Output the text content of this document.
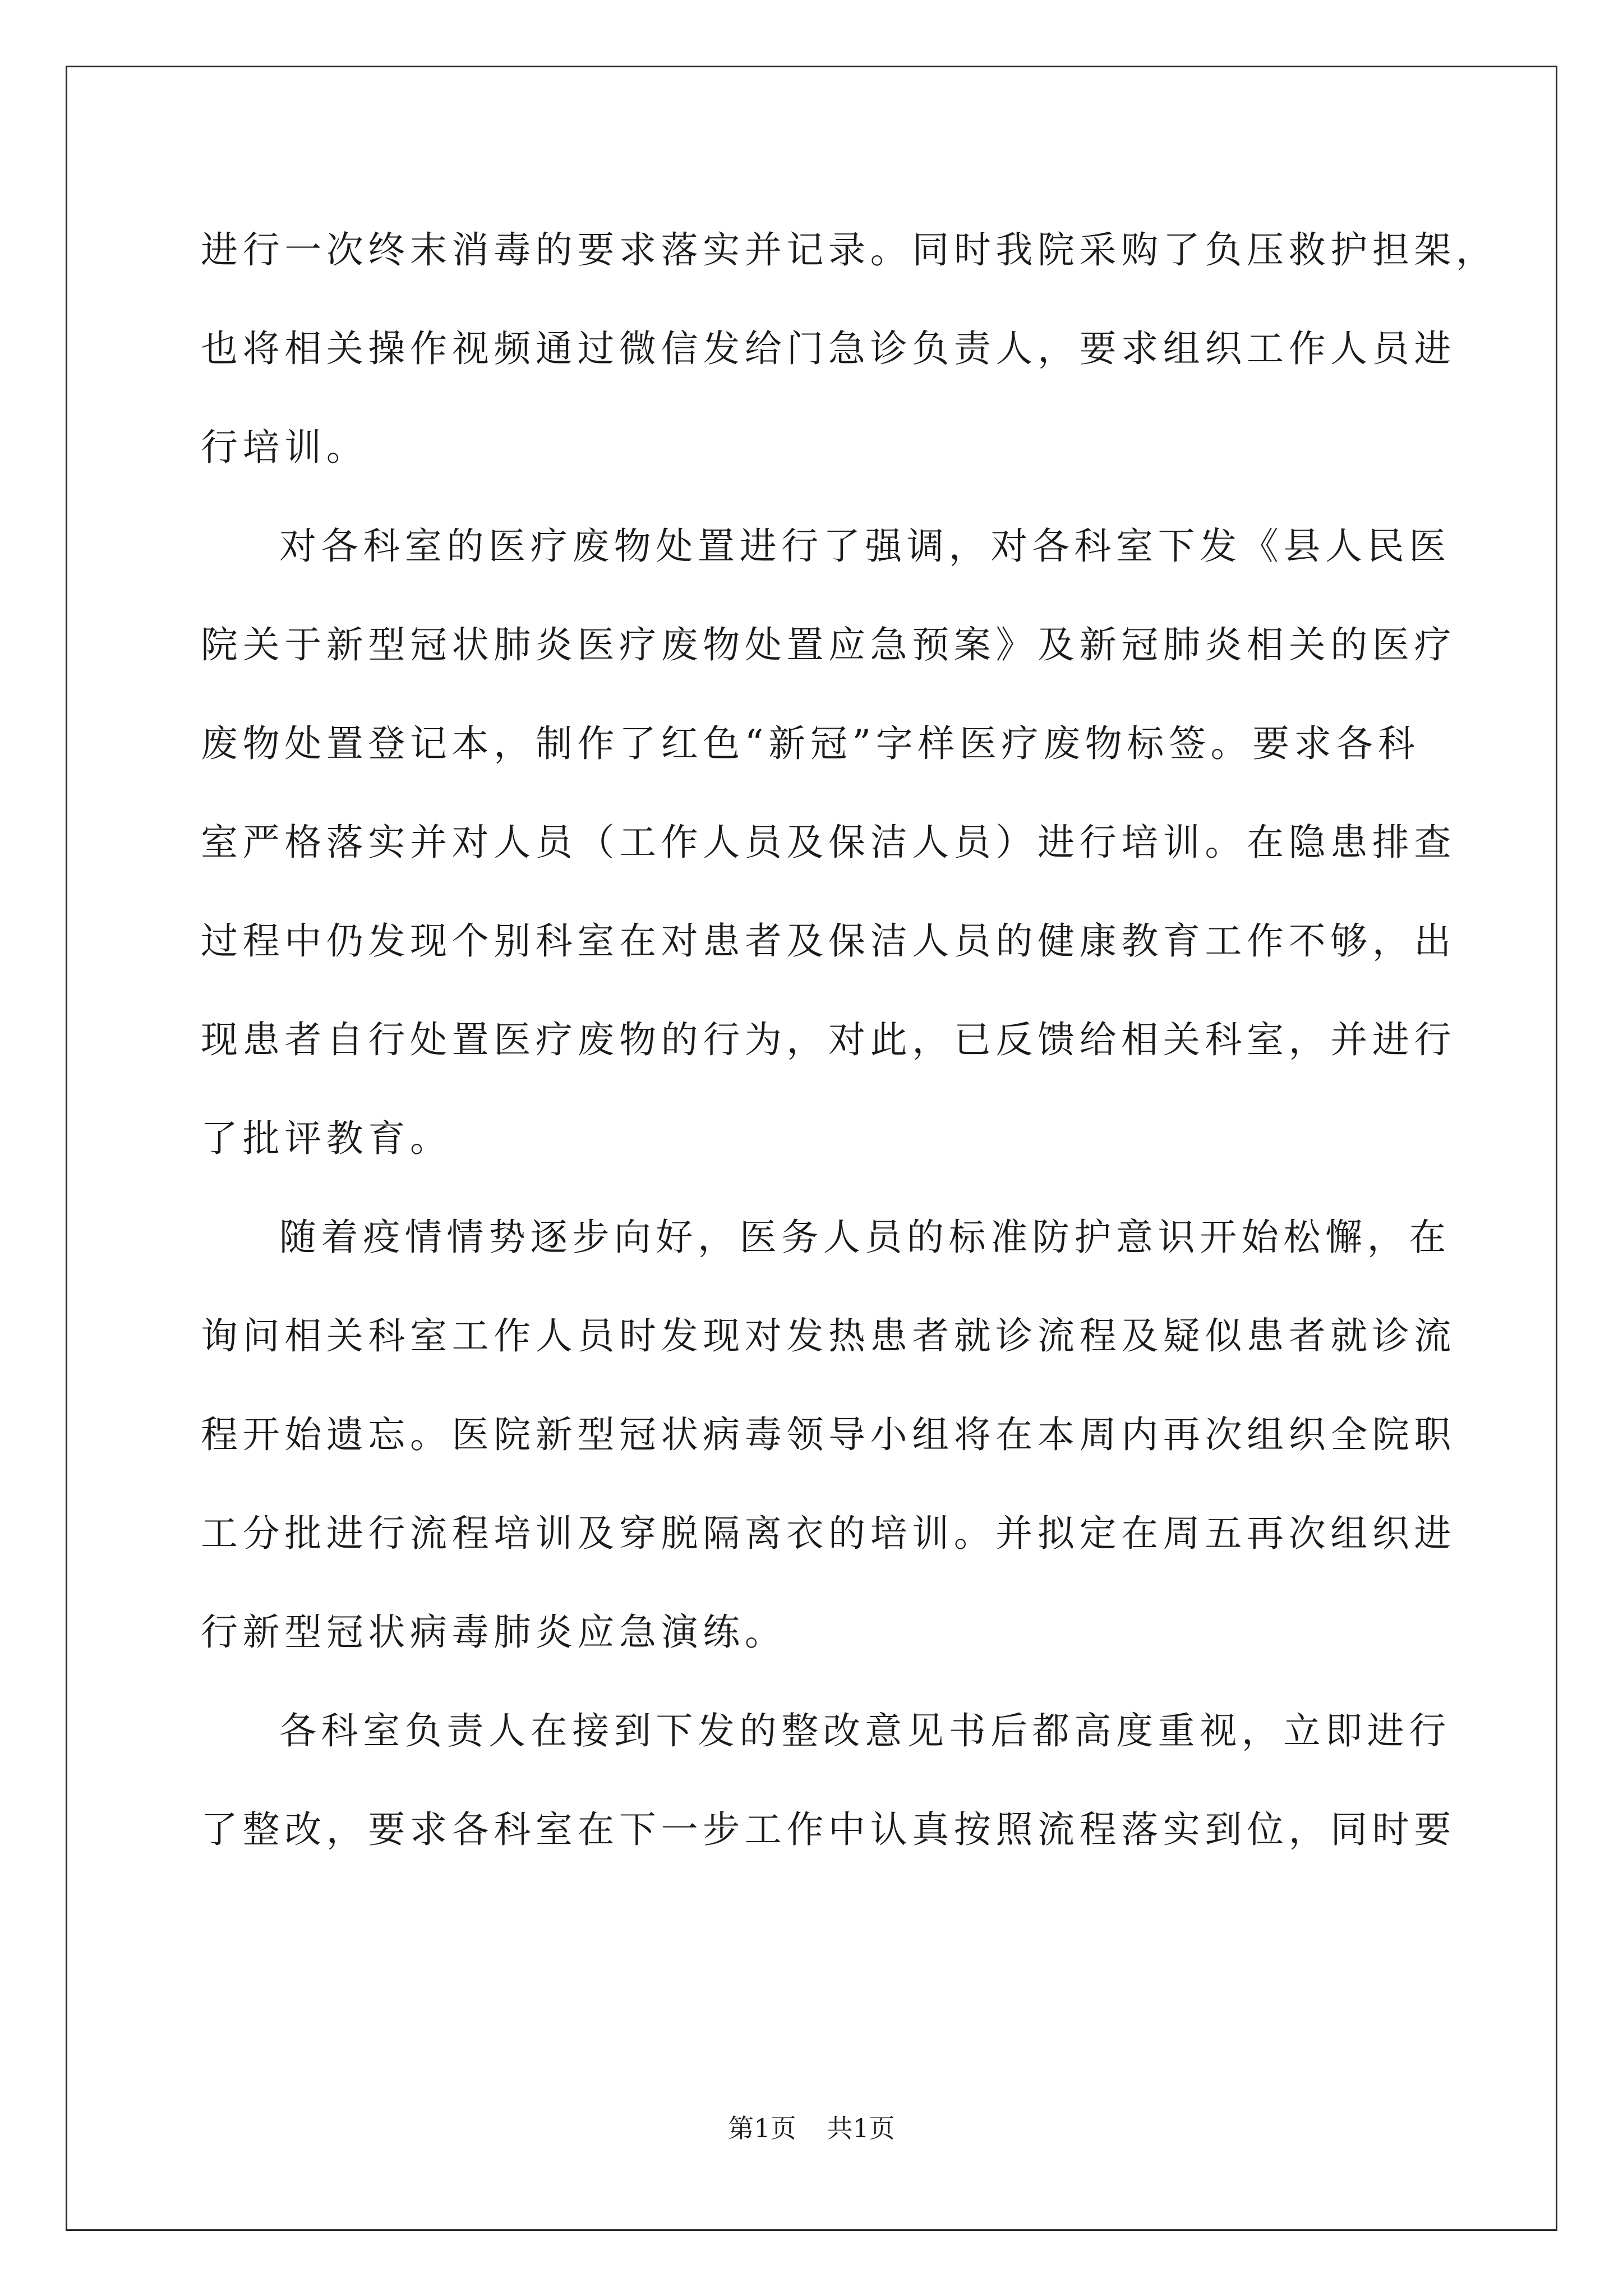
进行一次终末消毒的要求落实并记录。同时我院采购了负压救护担架，
也将相关操作视频通过微信发给门急诊负责人，要求组织工作人员进
行培训。
对各科室的医疗废物处置进行了强调，对各科室下发《县人民医
院关于新型冠状肺炎医疗废物处置应急预案》及新冠肺炎相关的医疗
废物处置登记本，制作了红色“新冠”字样医疗废物标签。要求各科
室严格落实并对人员（工作人员及保洁人员）进行培训。在隐患排查
过程中仍发现个别科室在对患者及保洁人员的健康教育工作不够，出
现患者自行处置医疗废物的行为，对此，已反馈给相关科室，并进行
了批评教育。
随着疫情情势逐步向好，医务人员的标准防护意识开始松懈，在
询问相关科室工作人员时发现对发热患者就诊流程及疑似患者就诊流
程开始遗忘。医院新型冠状病毒领导小组将在本周内再次组织全院职
工分批进行流程培训及穿脱隔离衣的培训。并拟定在周五再次组织进
行新型冠状病毒肺炎应急演练。
各科室负责人在接到下发的整改意见书后都高度重视，立即进行
了整改，要求各科室在下一步工作中认真按照流程落实到位，同时要
第1页 共1页
